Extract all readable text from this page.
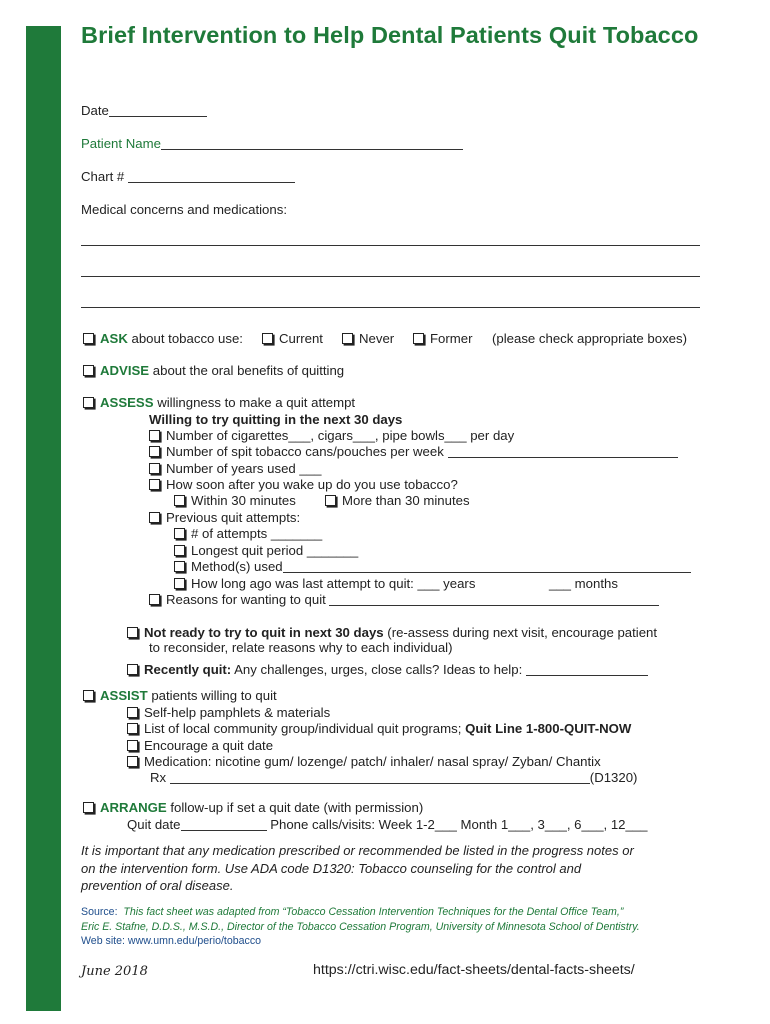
Brief Intervention to Help Dental Patients Quit Tobacco
Date
Patient Name
Chart #
Medical concerns and medications:
ASK about tobacco use:	Current	Never	Former (please check appropriate boxes)
ADVISE about the oral benefits of quitting
ASSESS willingness to make a quit attempt
Willing to try quitting in the next 30 days
Number of cigarettes___, cigars___, pipe bowls___ per day
Number of spit tobacco cans/pouches per week
Number of years used ___
How soon after you wake up do you use tobacco?
Within 30 minutes	More than 30 minutes
Previous quit attempts:
# of attempts _______
Longest quit period _______
Method(s) used
How long ago was last attempt to quit: ___ years	___ months
Reasons for wanting to quit
Not ready to try to quit in next 30 days (re-assess during next visit, encourage patient
to reconsider, relate reasons why to each individual)
Recently quit: Any challenges, urges, close calls? Ideas to help:
ASSIST patients willing to quit
Self-help pamphlets & materials
List of local community group/individual quit programs; Quit Line 1-800-QUIT-NOW
Encourage a quit date
Medication: nicotine gum/ lozenge/ patch/ inhaler/ nasal spray/ Zyban/ Chantix
Rx	(D1320)
ARRANGE follow-up if set a quit date (with permission)
Quit date	Phone calls/visits: Week 1-2___ Month 1___, 3___, 6___, 12___
It is important that any medication prescribed or recommended be listed in the progress notes or on the intervention form. Use ADA code D1320: Tobacco counseling for the control and prevention of oral disease.
Source: This fact sheet was adapted from “Tobacco Cessation Intervention Techniques for the Dental Office Team,”
Eric E. Stafne, D.D.S., M.S.D., Director of the Tobacco Cessation Program, University of Minnesota School of Dentistry.
Web site: www.umn.edu/perio/tobacco
June 2018	https://ctri.wisc.edu/fact-sheets/dental-facts-sheets/
